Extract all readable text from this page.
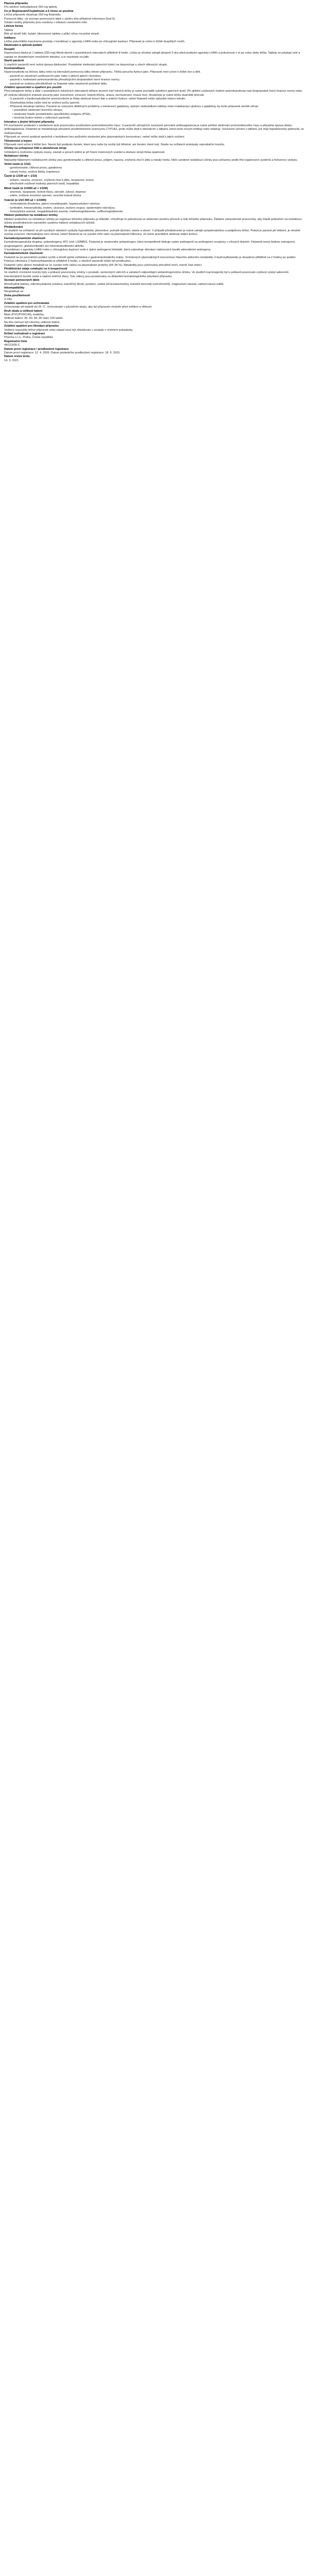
Plazma připravku
Pro udržení nízkodávkové 250 mg tablety
Co je Bupivacain/Cisplatinum a k čemu se používá
Léčivý přípravek obsahuje 250 mg flutamidu.
Pomocné látky: viz seznam pomocných látek v závěru této příbalové informace (bod 6).
Ostatní složky přípravku jsou uvedeny v odstavci uvedeném níže.
Léková forma
Tablety
Bílé až téměř bílé, kulaté, bikonvexní tablety s půlicí rýhou na jedné straně.
Indikace
Léčba pokročilého karcinomu prostaty v kombinaci s agonisty LHRH nebo po chirurgické kastraci. Přípravek je určen k léčbě dospělých mužů.
Dávkování a způsob podání
Dospělí
Doporučená dávka je 1 tableta (250 mg) třikrát denně v pravidelných intervalech přibližně 8 hodin. Léčbu je vhodné zahájit alespoň 3 dny před podáním agonisty LHRH a pokračovat v ní po celou dobu léčby. Tablety se polykají celé a zapíjejí se dostatečným množstvím tekutiny, a to nezávisle na jídle.
Starší pacienti
U starších pacientů není nutná úprava dávkování. Pravidelné sledování jaterních funkcí se doporučuje u všech věkových skupin.
Kontraindikace
Hypersenzitivita na léčivou látku nebo na kteroukoli pomocnou látku tohoto přípravku. Těžká porucha funkce jater. Přípravek není určen k léčbě žen a dětí.
- pacienti se závažným poškozením jater nebo s aktivní jaterní chorobou;
- pacienti s hodnotami aminotransferáz přesahujícími dvojnásobek horní hranice normy;
- pacienti se známou přecitlivělostí na flutamid nebo strukturně podobné látky.
Zvláštní upozornění a opatření pro použití
Před zahájením léčby a dále v pravidelných měsíčních intervalech během prvních čtyř měsíců léčby je nutné provádět vyšetření jaterních testů. Při zjištění zvýšených hodnot aminotransferáz nad dvojnásobek horní hranice normy nebo při výskytu klinických známek poruchy jater (nevolnost, zvracení, bolesti břicha, únava, nechutenství, tmavá moč, žloutenka) je nutné léčbu okamžitě přerušit.
- U pacientů s kardiovaskulárním onemocněním je třeba sledovat krevní tlak a srdeční funkce, neboť flutamid může způsobit retenci tekutin.
- Dlouhodobá léčba může vést ke snížení počtu spermií.
- Přípravek obsahuje laktózu. Pacienti se vzácnými dědičnými problémy s intolerancí galaktózy, úplným nedostatkem laktázy nebo malabsorpcí glukózy a galaktózy by tento přípravek neměli užívat.
• pravidelné sledování krevního obrazu;
• sledování hladin prostatického specifického antigenu (PSA);
• kontrola funkce ledvin u rizikových pacientů.
Interakce s jinými léčivými přípravky
Při současném podávání s warfarinem bylo pozorováno prodloužení protrombinového času. U pacientů užívajících současně perorální antikoagulancia je nutné pečlivé sledování protrombinového času a případná úprava dávky antikoagulancia. Flutamid se metabolizuje převážně prostřednictvím izoenzymu CYP1A2, proto může dojít k interakcím s látkami, které tento enzym inhibují nebo indukují. Současné užívání s látkami, jež mají hepatotoxický potenciál, se nedoporučuje.
Přípravek se nesmí podávat společně s teofylinem bez pečlivého sledování jeho plazmatických koncentrací, neboť může dojít k jejich zvýšení.
Těhotenství a kojení
Přípravek není určen k léčbě žen. Nesmí být podáván ženám, které jsou nebo by mohly být těhotné, ani ženám, které kojí. Studie na zvířatech prokázaly reprodukční toxicitu.
Účinky na schopnost řídit a obsluhovat stroje
Vzhledem k možnému výskytu únavy, závratí a poruch vidění je při řízení motorových vozidel a obsluze strojů třeba opatrnosti.
Nežádoucí účinky
Nejčastěji hlášenými nežádoucími účinky jsou gynekomastie a citlivost prsou, průjem, nauzea, zvýšená chuť k jídlu a návaly horka. Níže uvedené nežádoucí účinky jsou seřazeny podle tříd orgánových systémů a frekvence výskytu.
Velmi časté (≥ 1/10)
- gynekomastie, citlivost prsou, galaktorea
- návaly horka, snížení libida, impotence
Časté (≥ 1/100 až < 1/10)
- průjem, nauzea, zvracení, zvýšená chuť k jídlu, nespavost, únava
- přechodně zvýšené hodnoty jaterních testů, hepatitida
Méně časté (≥ 1/1000 až < 1/100)
- anorexie, dyspepsie, bolesti hlavy, závratě, úzkost, deprese
- edém, snížené množství spermií, neurčité bolesti břicha
Vzácné (≥ 1/10 000 až < 1/1000)
- cholestatická žloutenka, jaterní encefalopatie, hepatocelulární nekróza
- lymfedém, fotosenzitivita, erytém, ulcerace, bulózní erupce, epidermální nekrolýza
- hemolytická anemie, megaloblastická anemie, methemoglobinemie, sulfhemoglobinemie
Hlášení podezření na nežádoucí účinky
Hlášení podezření na nežádoucí účinky po registraci léčivého přípravku je důležité. Umožňuje to pokračovat ve sledování poměru přínosů a rizik léčivého přípravku. Žádáme zdravotnické pracovníky, aby hlásili podezření na nežádoucí účinky prostřednictvím národního systému hlášení nežádoucích účinků.
Předávkování
Ve studiích na zvířatech se při vysokých dávkách vyskytly hypoaktivita, piloerekce, pomalé dýchání, ataxie a slzení. V případě předávkování je nutné zahájit symptomatickou a podpůrnou léčbu. Pokud je pacient při vědomí, je vhodné vyvolat zvracení. Hemodialýza není účinná, neboť flutamid se ve vysoké míře váže na plazmatické bílkoviny. Je nutné pravidelně sledovat vitální funkce.
Farmakodynamické vlastnosti
Farmakoterapeutická skupina: antiandrogeny, ATC kód: L02BB01. Flutamid je nesteroidní antiandrogen, který kompetitivně blokuje vazbu androgenů na androgenní receptory v cílových tkáních. Flutamid nemá žádnou estrogenní, progestagenní, glukokortikoidní ani mineralokortikoidní aktivitu.
V kombinaci s agonisty LHRH nebo s chirurgickou kastrací vede k úplné androgenní blokádě, která zabraňuje stimulaci nádorových buněk adrenálními androgeny.
Farmakokinetické vlastnosti
Flutamid se po perorálním podání rychle a téměř úplně vstřebává z gastrointestinálního traktu. Vrcholových plazmatických koncentrací hlavního aktivního metabolitu 2-hydroxyflutamidu je dosaženo přibližně za 2 hodiny po podání. Poločas eliminace 2-hydroxyflutamidu je přibližně 6 hodin, u starších pacientů může být prodloužen.
Flutamid i jeho aktivní metabolit se ve vysoké míře vážou na plazmatické proteiny (94–96 %). Metabolity jsou vylučovány převážně močí, menší část stolicí.
Předklinické údaje vztahující se k bezpečnosti
Ve studiích chronické toxicity byly u potkanů pozorovány změny v prostatě, semenných váčcích a varlatech odpovídající antiandrogennímu účinku. Ve studiích karcinogenity byl u potkanů pozorován zvýšený výskyt adenomů intersticiálních buněk varlat a nádorů mléčné žlázy. Tyto nálezy jsou považovány za důsledek farmakologického působení přípravku.
Seznam pomocných látek
Monohydrát laktózy, mikrokrystalická celulóza, kukuřičný škrob, povidon, sodná sůl kroskarmelózy, koloidní bezvodý oxid křemičitý, magnesium-stearát, natrium-lauryl-sulfát.
Inkompatibility
Neuplatňuje se.
Doba použitelnosti
3 roky
Zvláštní opatření pro uchovávání
Uchovávejte při teplotě do 25 °C. Uchovávejte v původním obalu, aby byl přípravek chráněn před světlem a vlhkostí.
Druh obalu a velikost balení
Blistr (PVC/PVDC/Al), krabička.
Velikost balení: 30, 60, 84, 90 nebo 100 tablet.
Na trhu nemusí být všechny velikosti balení.
Zvláštní opatření pro likvidaci přípravku
Veškerý nepoužitý léčivý přípravek nebo odpad musí být zlikvidován v souladu s místními požadavky.
Držitel rozhodnutí o registraci
Pharma s.r.o., Praha, Česká republika
Registrační číslo
44/123/05-C
Datum první registrace / prodloužení registrace
Datum první registrace: 12. 4. 2005. Datum posledního prodloužení registrace: 18. 6. 2015.
Datum revize textu
14. 3. 2021
